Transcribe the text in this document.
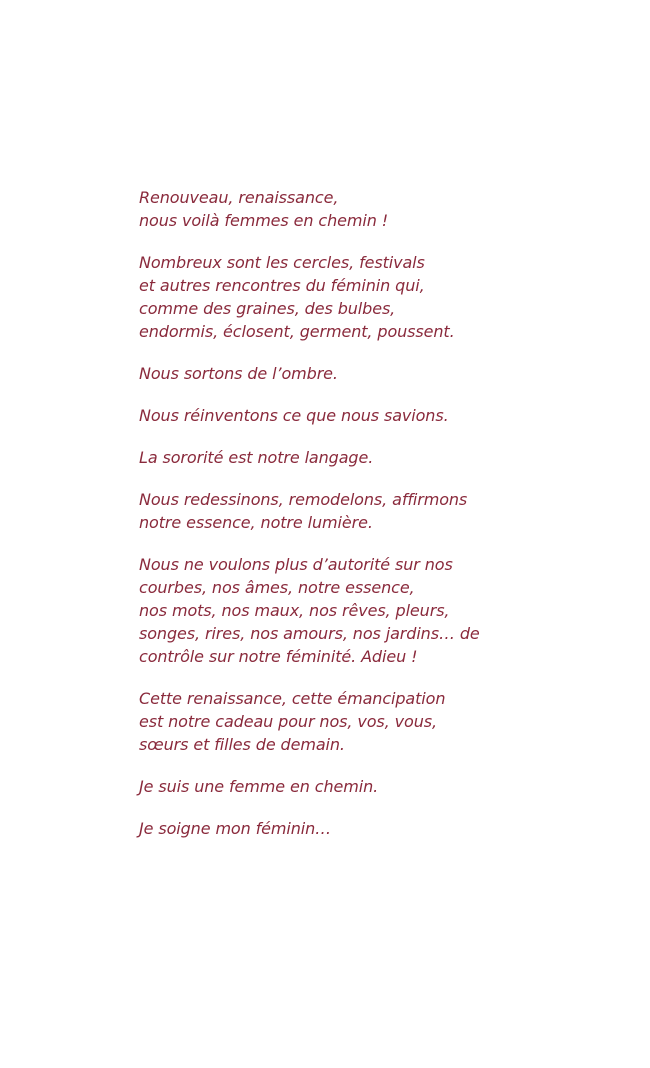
Renouveau, renaissance,
nous voilà femmes en chemin !

Nombreux sont les cercles, festivals
et autres rencontres du féminin qui,
comme des graines, des bulbes,
endormis, éclosent, germent, poussent.

Nous sortons de l’ombre.

Nous réinventons ce que nous savions.

La sororité est notre langage.

Nous redessinons, remodelons, affirmons
notre essence, notre lumière.

Nous ne voulons plus d’autorité sur nos
courbes, nos âmes, notre essence,
nos mots, nos maux, nos rêves, pleurs,
songes, rires, nos amours, nos jardins… de
contrôle sur notre féminité. Adieu !

Cette renaissance, cette émancipation
est notre cadeau pour nos, vos, vous,
sœurs et filles de demain.

Je suis une femme en chemin.

Je soigne mon féminin…
